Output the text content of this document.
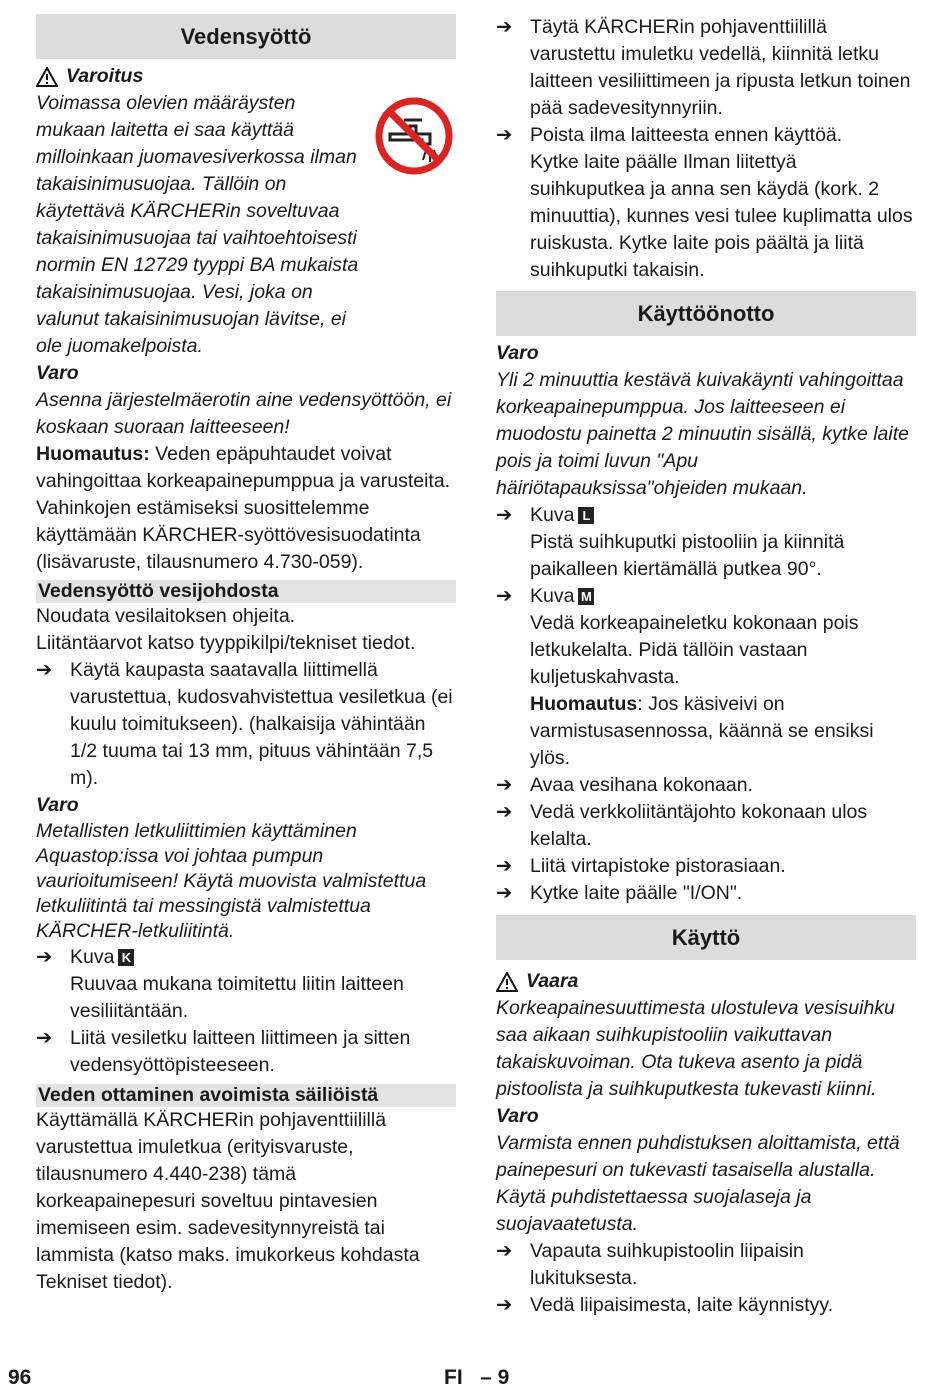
Vedensyöttö
Varoitus

Voimassa olevien määräysten mukaan laitetta ei saa käyttää milloinkaan juomavesiverkossa ilman takaisinimusuojaa. Tällöin on käytettävä KÄRCHERin soveltuvaa takaisinimusuojaa tai vaihtoehtoisesti normin EN 12729 tyyppi BA mukaista takaisinimusuojaa. Vesi, joka on valunut takaisinimusuojan lävitse, ei ole juomakelpoista.

Varo

Asenna järjestelmäerotin aine vedensyöttöön, ei koskaan suoraan laitteeseen!

Huomautus: Veden epäpuhtaudet voivat vahingoittaa korkeapainepumppua ja varusteita. Vahinkojen estämiseksi suosittelemme käyttämään KÄRCHER-syöttövesisuodatinta (lisävaruste, tilausnumero 4.730-059).

Vedensyöttö vesijohdosta

Noudata vesilaitoksen ohjeita.

Liitäntäarvot katso tyyppikilpi/tekniset tiedot.

➔ Käytä kaupasta saatavalla liittimellä varustettua, kudosvahvistettua vesiletkua (ei kuulu toimitukseen). (halkaisija vähintään 1/2 tuuma tai 13 mm, pituus vähintään 7,5 m).
Varo

Metallisten letkuliittimien käyttäminen Aquastop:issa voi johtaa pumpun vaurioitumiseen! Käytä muovista valmistettua letkuliitintä tai messingistä valmistettua KÄRCHER-letkuliitintä.

➔ Kuva K
Ruuvaa mukana toimitettu liitin laitteen vesiliitäntään.
➔ Liitä vesiletku laitteen liittimeen ja sitten vedensyöttöpisteeseen.
Veden ottaminen avoimista säiliöistä

Käyttämällä KÄRCHERin pohjaventtiilillä varustettua imuletkua (erityisvaruste, tilausnumero 4.440-238) tämä korkeapainepesuri soveltuu pintavesien imemiseen esim. sadevesitynnyreistä tai lammista (katso maks. imukorkeus kohdasta Tekniset tiedot).

➔ Täytä KÄRCHERin pohjaventtiilillä varustettu imuletku vedellä, kiinnitä letku laitteen vesiliittimeen ja ripusta letkun toinen pää sadevesitynnyriin.
➔ Poista ilma laitteesta ennen käyttöä.
Kytke laite päälle Ilman liitettyä suihkuputkea ja anna sen käydä (kork. 2 minuuttia), kunnes vesi tulee kuplimatta ulos ruiskusta. Kytke laite pois päältä ja liitä suihkuputki takaisin.
Käyttöönotto
Varo

Yli 2 minuuttia kestävä kuivakäynti vahingoittaa korkeapainepumppua. Jos laitteeseen ei muodostu painetta 2 minuutin sisällä, kytke laite pois ja toimi luvun "Apu häiriötapauksissa"ohjeiden mukaan.

➔ Kuva L
Pistä suihkuputki pistooliin ja kiinnitä paikalleen kiertämällä putkea 90°.
➔ Kuva M
Vedä korkeapaineletku kokonaan pois letkukelalta. Pidä tällöin vastaan kuljetuskahvasta.
Huomautus: Jos käsiveivi on varmistusasennossa, käännä se ensiksi ylös.
➔ Avaa vesihana kokonaan.
➔ Vedä verkkoliitäntäjohto kokonaan ulos kelalta.
➔ Liitä virtapistoke pistorasiaan.
➔ Kytke laite päälle "I/ON".
Käyttö
Vaara

Korkeapainesuuttimesta ulostuleva vesisuihku saa aikaan suihkupistooliin vaikuttavan takaiskuvoiman. Ota tukeva asento ja pidä pistoolista ja suihkuputkesta tukevasti kiinni.

Varo

Varmista ennen puhdistuksen aloittamista, että painepesuri on tukevasti tasaisella alustalla. Käytä puhdistettaessa suojalaseja ja suojavaatetusta.

➔ Vapauta suihkupistoolin liipaisin lukituksesta.
➔ Vedä liipaisimesta, laite käynnistyy.
96	FI   – 9
